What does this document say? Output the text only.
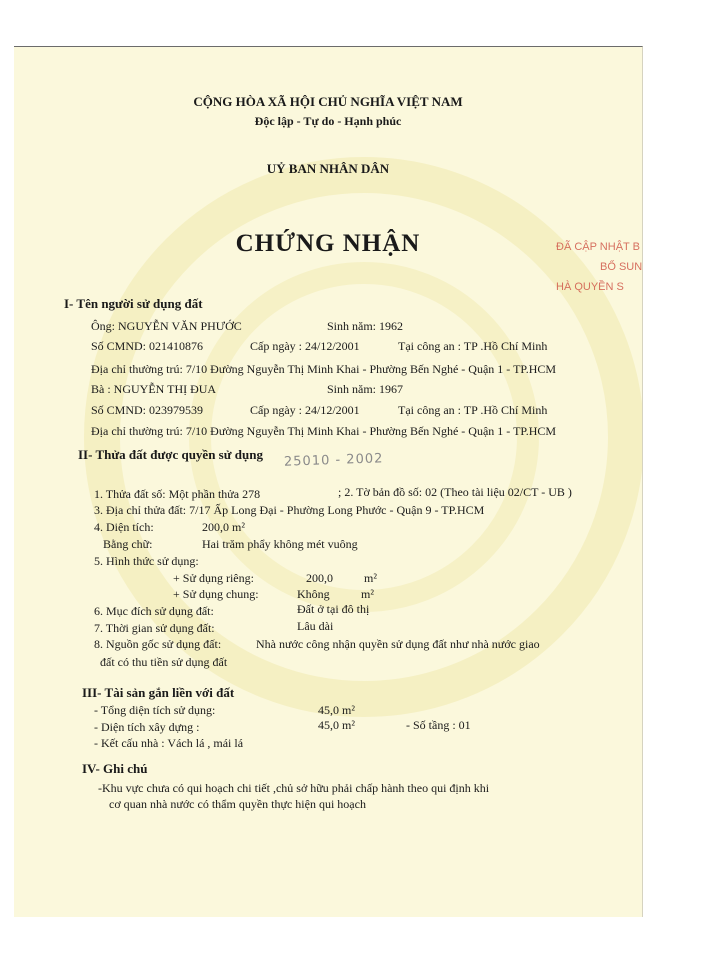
CỘNG HÒA XÃ HỘI CHỦ NGHĨA VIỆT NAM
Độc lập - Tự do - Hạnh phúc
UỶ BAN NHÂN DÂN
CHỨNG NHẬN	ĐÃ CẬP NHẬT B
BỔ SUN
HÀ QUYỀN S
I- Tên người sử dụng đất
Ông: NGUYỄN VĂN PHƯỚC	Sinh năm: 1962
Số CMND: 021410876	Cấp ngày : 24/12/2001	Tại công an : TP .Hồ Chí Minh
Địa chỉ thường trú: 7/10 Đường Nguyễn Thị Minh Khai - Phường Bến Nghé - Quận 1 - TP.HCM
Bà : NGUYỄN THỊ ĐUA	Sinh năm: 1967
Số CMND: 023979539	Cấp ngày : 24/12/2001	Tại công an : TP .Hồ Chí Minh
Địa chỉ thường trú: 7/10 Đường Nguyễn Thị Minh Khai - Phường Bến Nghé - Quận 1 - TP.HCM
II- Thửa đất được quyền sử dụng 25010 - 2002
1. Thửa đất số: Một phần thửa 278	; 2. Tờ bản đồ số: 02 (Theo tài liệu 02/CT - UB )
3. Địa chỉ thửa đất: 7/17 Ấp Long Đại - Phường Long Phước - Quận 9 - TP.HCM
4. Diện tích:	200,0 m²
Bằng chữ:	Hai trăm phẩy không mét vuông
5. Hình thức sử dụng:
+ Sử dụng riêng:	200,0	m²
+ Sử dụng chung:	Không	m²
6. Mục đích sử dụng đất:	Đất ở tại đô thị
7. Thời gian sử dụng đất:	Lâu dài
8. Nguồn gốc sử dụng đất:	Nhà nước công nhận quyền sử dụng đất như nhà nước giao
đất có thu tiền sử dụng đất
III- Tài sản gắn liền với đất
- Tổng diện tích sử dụng:	45,0 m²
- Diện tích xây dựng :	45,0 m²	- Số tầng : 01
- Kết cấu nhà : Vách lá , mái lá
IV- Ghi chú
-Khu vực chưa có qui hoạch chi tiết ,chủ sở hữu phải chấp hành theo qui định khi
cơ quan nhà nước có thẩm quyền thực hiện qui hoạch
